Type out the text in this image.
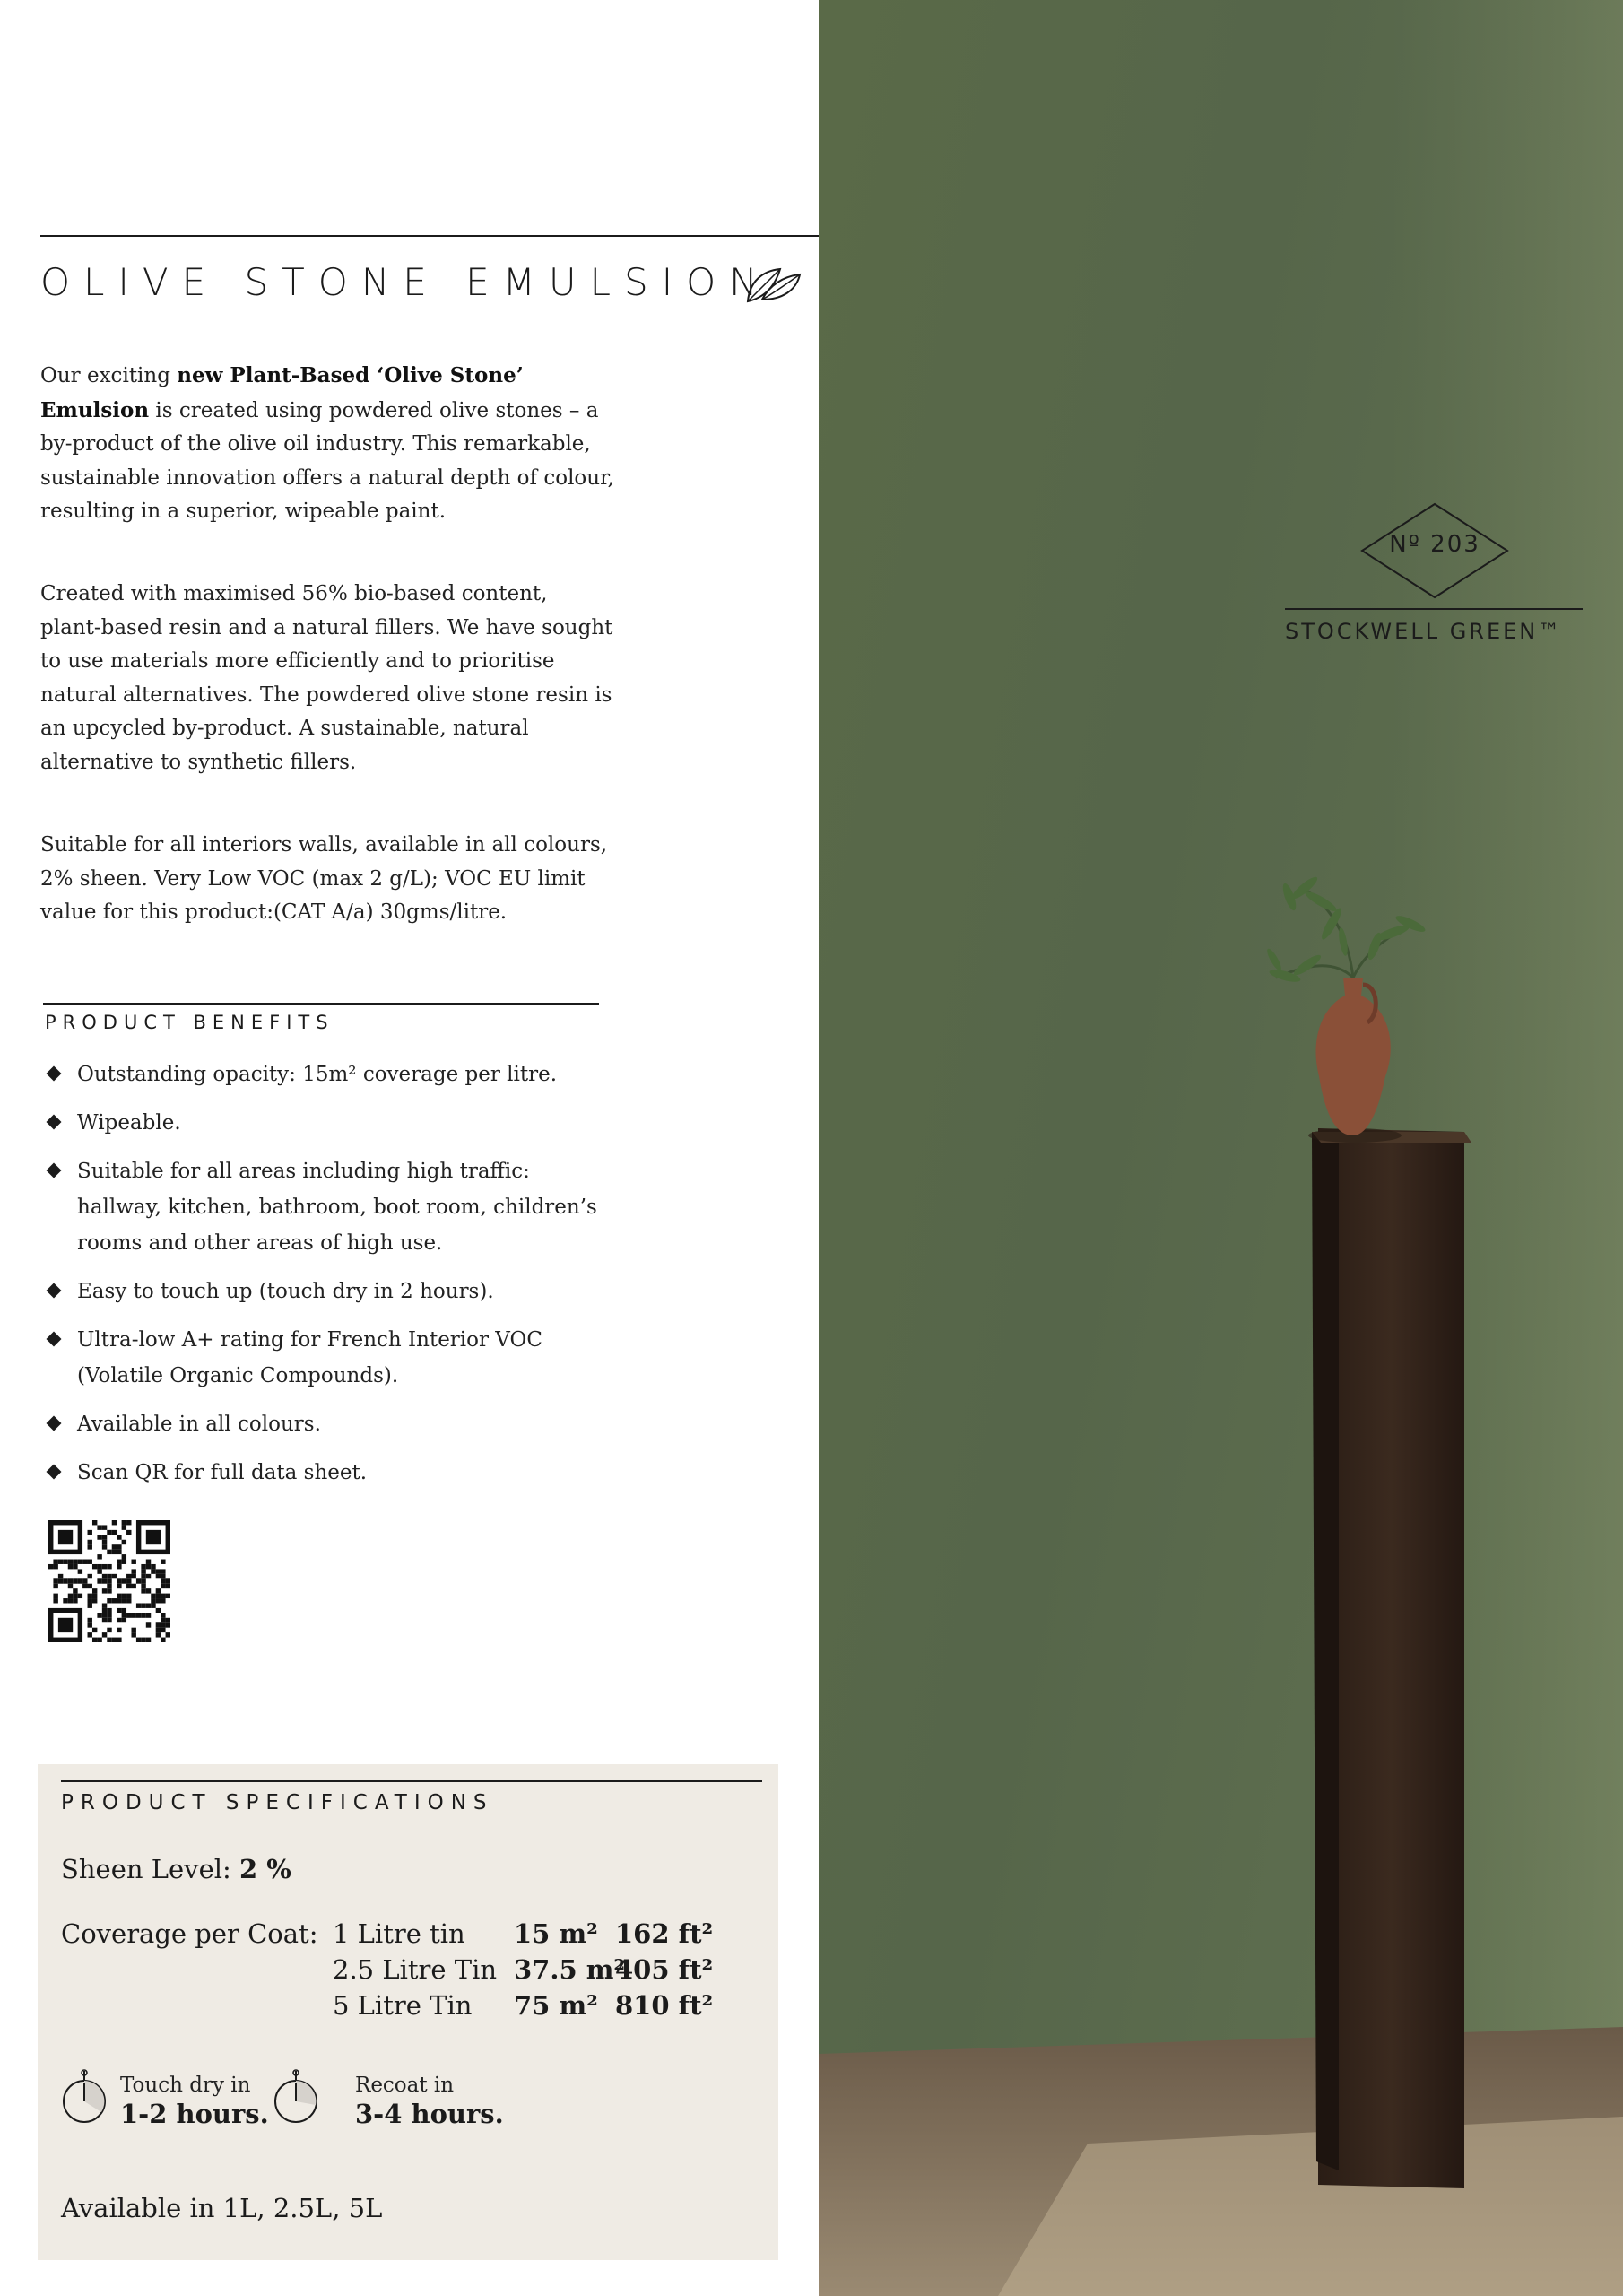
OLIVE STONE EMULSION
Our exciting new Plant-Based ‘Olive Stone’ Emulsion is created using powdered olive stones – a by-product of the olive oil industry. This remarkable, sustainable innovation offers a natural depth of colour, resulting in a superior, wipeable paint.
Created with maximised 56% bio-based content, plant-based resin and a natural fillers. We have sought to use materials more efficiently and to prioritise natural alternatives. The powdered olive stone resin is an upcycled by-product. A sustainable, natural alternative to synthetic fillers.
Suitable for all interiors walls, available in all colours, 2% sheen. Very Low VOC (max 2 g/L); VOC EU limit value for this product:(CAT A/a) 30gms/litre.
PRODUCT BENEFITS
Outstanding opacity: 15m² coverage per litre.
Wipeable.
Suitable for all areas including high traffic: hallway, kitchen, bathroom, boot room, children’s rooms and other areas of high use.
Easy to touch up (touch dry in 2 hours).
Ultra-low A+ rating for French Interior VOC (Volatile Organic Compounds).
Available in all colours.
Scan QR for full data sheet.
PRODUCT SPECIFICATIONS
Sheen Level: 2 %
Coverage per Coat: 1 Litre tin 15 m² 162 ft²
2.5 Litre Tin 37.5 m²
405 ft²
5 Litre Tin 75 m² 810 ft²
Touch dry in
1-2 hours.
Recoat in
3-4 hours.
Available in 1L, 2.5L, 5L
Nº 203
STOCKWELL GREEN™
